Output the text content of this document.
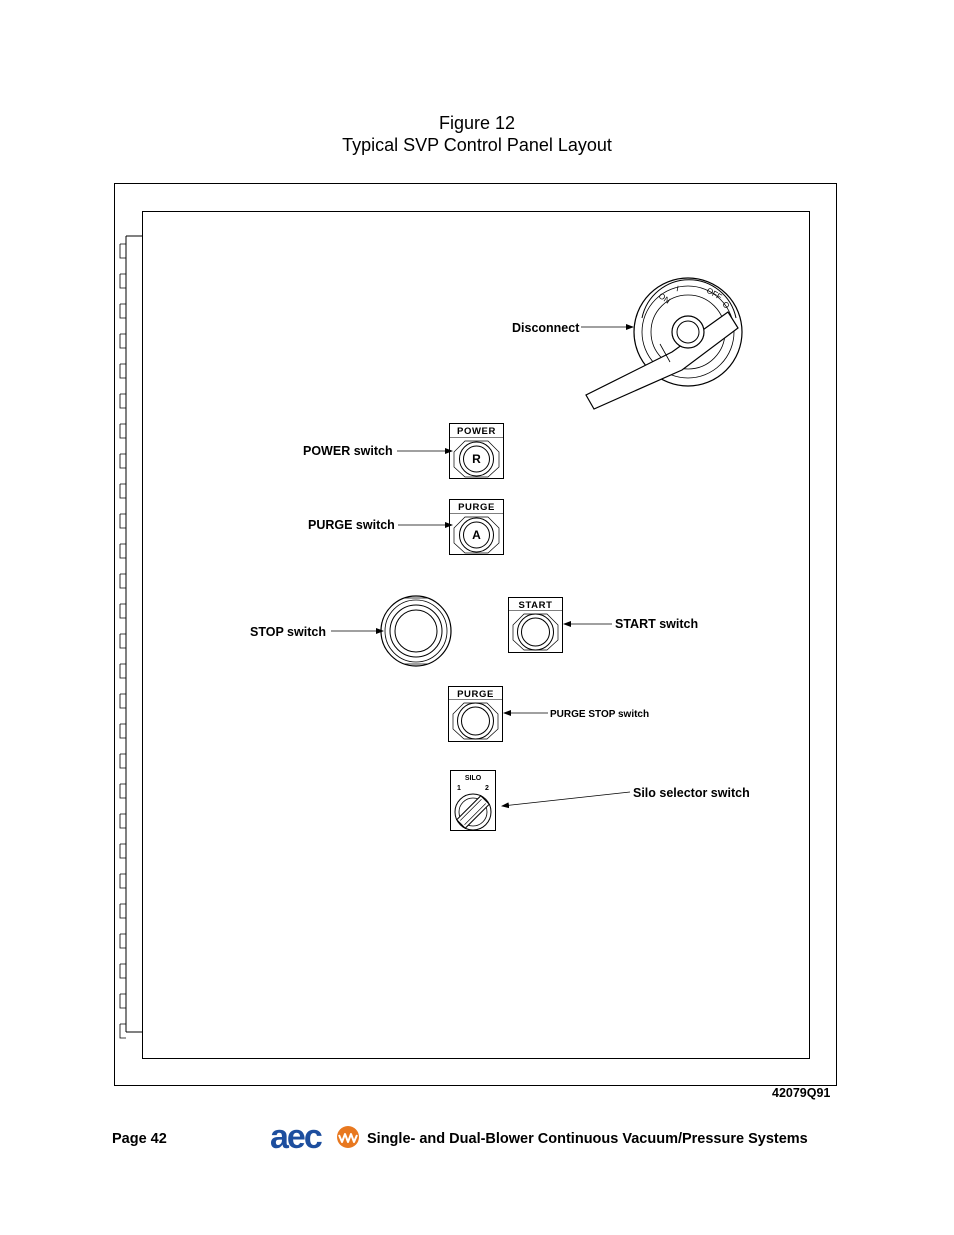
Figure 12
Typical SVP Control Panel Layout
ON
I	OFF
O
Disconnect
POWER
R
POWER switch
PURGE
A
PURGE switch
STOP switch
START
START switch
PURGE
PURGE STOP switch
SILO
1	2	Silo selector switch
42079Q91
Page 42	aec	Single- and Dual-Blower Continuous Vacuum/Pressure Systems
